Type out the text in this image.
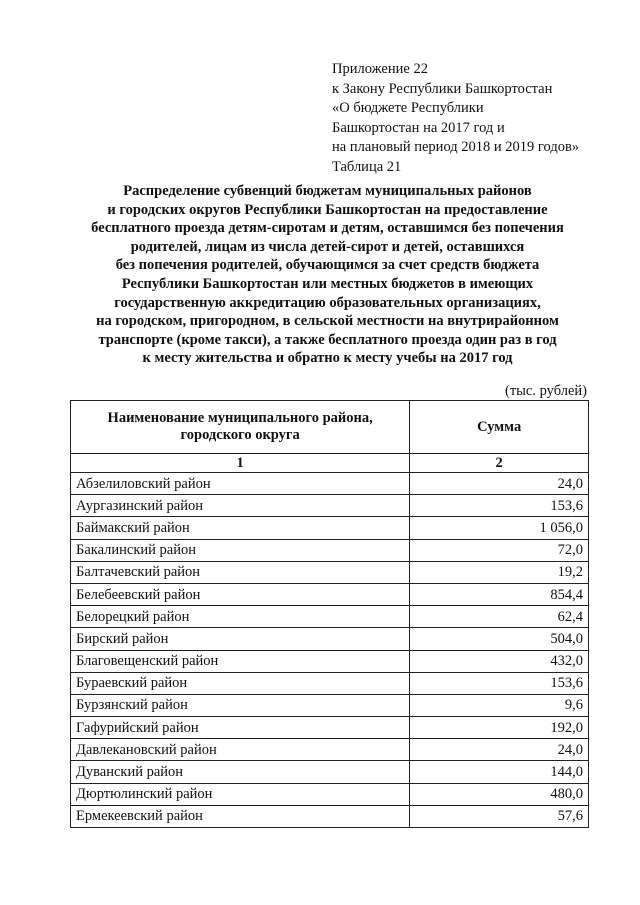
Приложение 22
к Закону Республики Башкортостан
«О бюджете Республики
Башкортостан на 2017 год и
на плановый период 2018 и 2019 годов»
Таблица 21
Распределение субвенций бюджетам муниципальных районов
и городских округов Республики Башкортостан на предоставление
бесплатного проезда детям-сиротам и детям, оставшимся без попечения
родителей, лицам из числа детей-сирот и детей, оставшихся
без попечения родителей, обучающимся за счет средств бюджета
Республики Башкортостан или местных бюджетов в имеющих
государственную аккредитацию образовательных организациях,
на городском, пригородном, в сельской местности на внутрирайонном
транспорте (кроме такси), а также бесплатного проезда один раз в год
к месту жительства и обратно к месту учебы на 2017 год
(тыс. рублей)
Наименование муниципального района,
городского округа	Сумма
1	2
Абзелиловский район	24,0
Аургазинский район	153,6
Баймакский район	1 056,0
Бакалинский район	72,0
Балтачевский район	19,2
Белебеевский район	854,4
Белорецкий район	62,4
Бирский район	504,0
Благовещенский район	432,0
Бураевский район	153,6
Бурзянский район	9,6
Гафурийский район	192,0
Давлекановский район	24,0
Дуванский район	144,0
Дюртюлинский район	480,0
Ермекеевский район	57,6
